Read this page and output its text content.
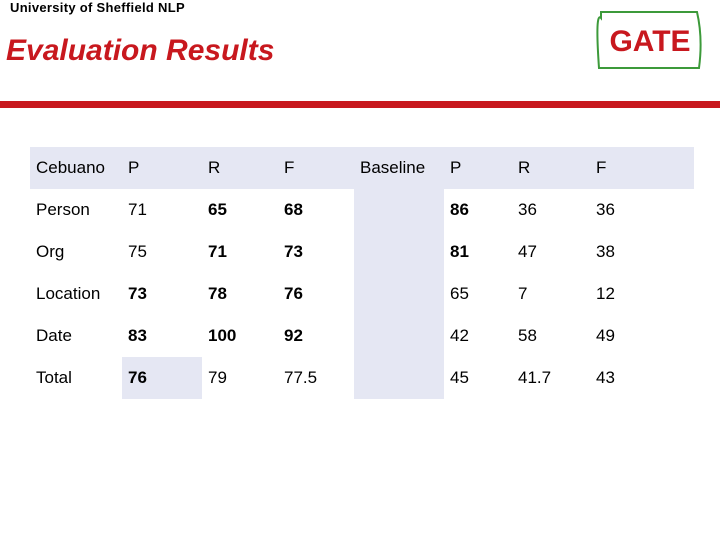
University of Sheffield NLP
Evaluation Results	GATE
Cebuano	P	R	F	Baseline	P	R	F
Person	71	65	68		86	36	36
Org	75	71	73		81	47	38
Location	73	78	76		65	7	12
Date	83	100	92		42	58	49
Total	76	79	77.5		45	41.7	43
